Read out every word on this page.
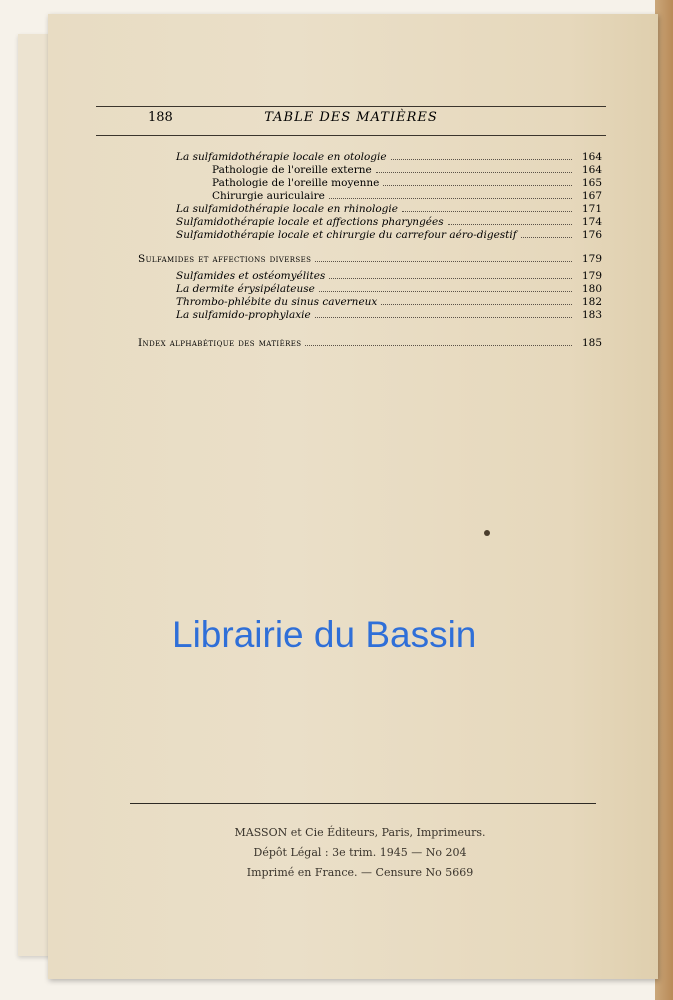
188	TABLE DES MATIÈRES
La sulfamidothérapie locale en otologie	164
Pathologie de l'oreille externe	164
Pathologie de l'oreille moyenne	165
Chirurgie auriculaire	167
La sulfamidothérapie locale en rhinologie	171
Sulfamidothérapie locale et affections pharyngées	174
Sulfamidothérapie locale et chirurgie du carrefour aéro-digestif	176
Sulfamides et affections diverses	179
Sulfamides et ostéomyélites	179
La dermite érysipélateuse	180
Thrombo-phlébite du sinus caverneux	182
La sulfamido-prophylaxie	183
Index alphabétique des matières	185
Librairie du Bassin
MASSON et Cie Éditeurs, Paris, Imprimeurs.
Dépôt Légal : 3e trim. 1945 — No 204
Imprimé en France. — Censure No 5669
